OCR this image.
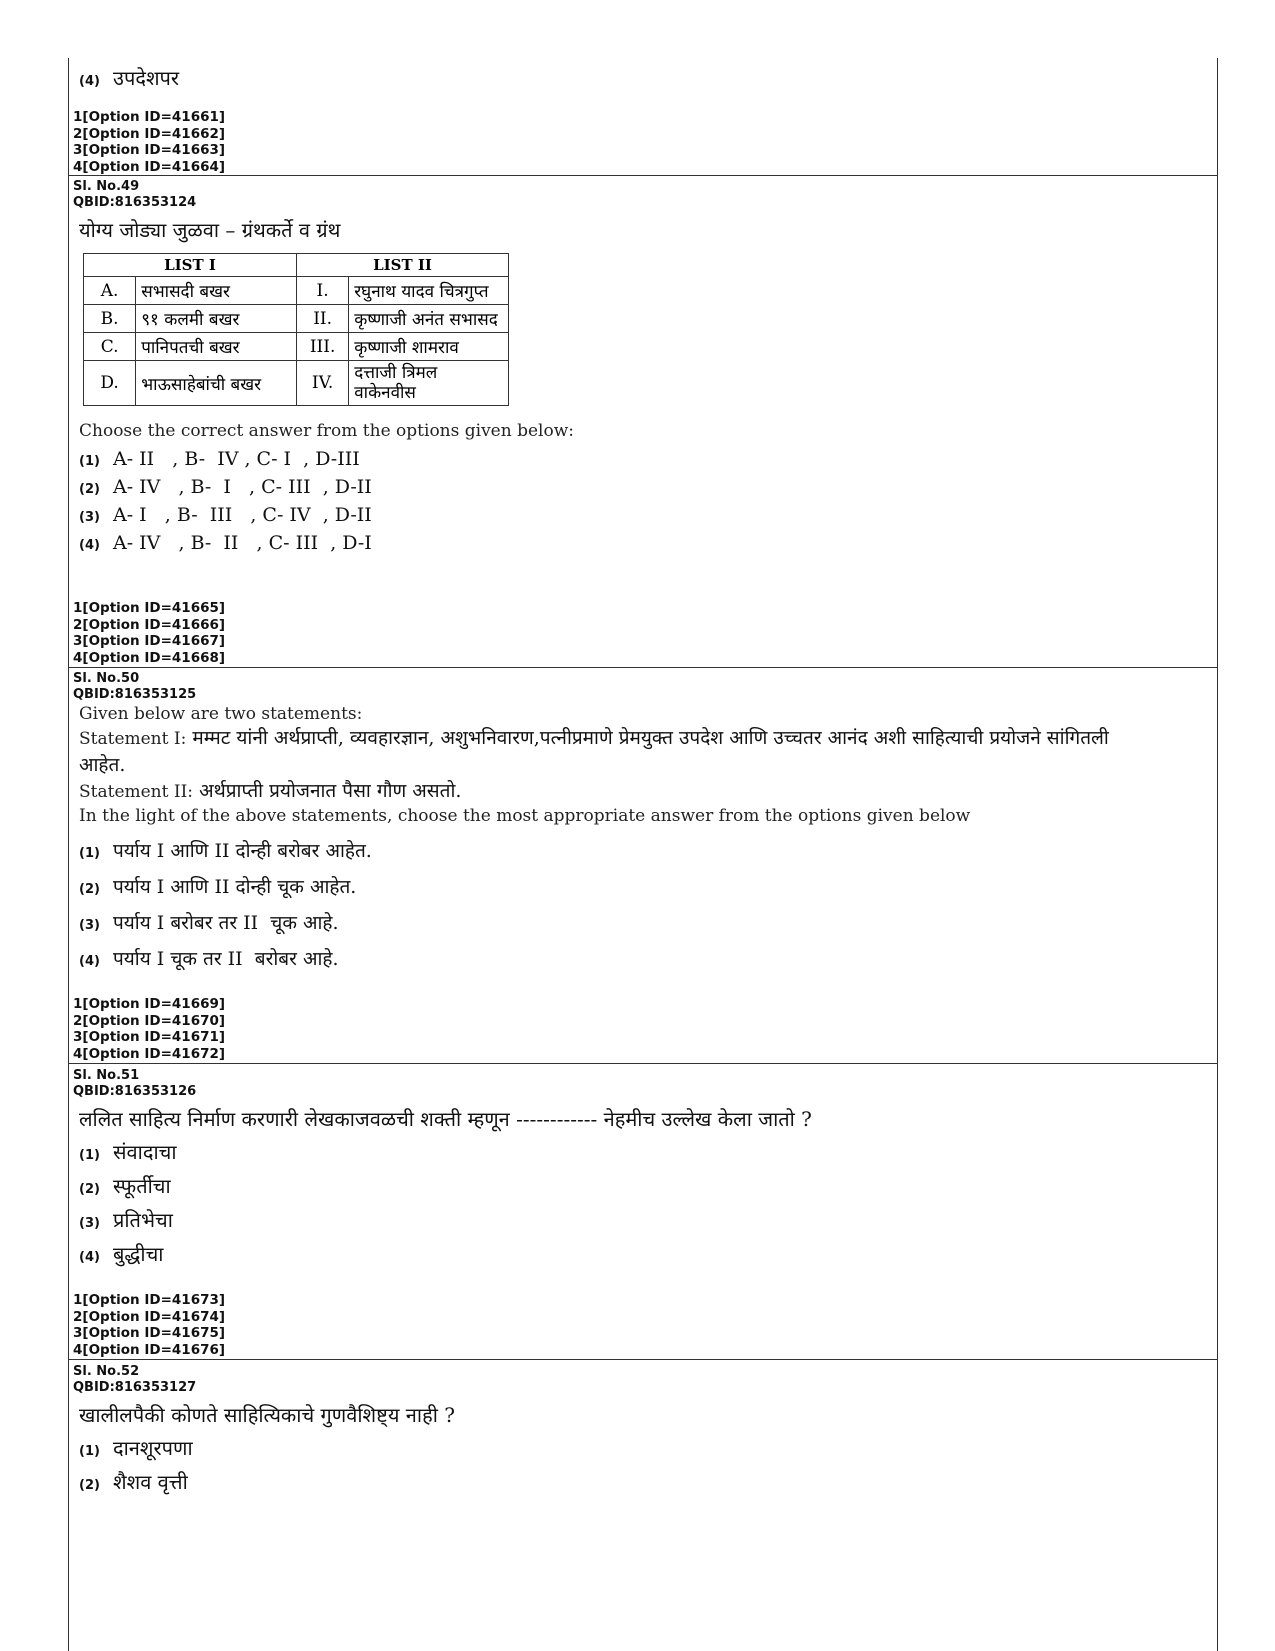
(4) उपदेशपर
1[Option ID=41661]
2[Option ID=41662]
3[Option ID=41663]
4[Option ID=41664]
Sl. No.49
QBID:816353124
योग्य जोड्या जुळवा – ग्रंथकर्ते व ग्रंथ
LIST I		LIST II	
A.	सभासदी बखर	I.	रघुनाथ यादव चित्रगुप्त
B.	९१ कलमी बखर	II.	कृष्णाजी अनंत सभासद
C.	पानिपतची बखर	III.	कृष्णाजी शामराव
D.	भाऊसाहेबांची बखर	IV.	दत्ताजी त्रिमल वाकेनवीस
Choose the correct answer from the options given below:
(1) A- II   , B-  IV , C- I  , D-III
(2) A- IV   , B-  I   , C- III  , D-II
(3) A- I   , B-  III   , C- IV  , D-II
(4) A- IV   , B-  II   , C- III  , D-I
1[Option ID=41665]
2[Option ID=41666]
3[Option ID=41667]
4[Option ID=41668]
Sl. No.50
QBID:816353125
Given below are two statements:
Statement I: मम्मट यांनी अर्थप्राप्ती, व्यवहारज्ञान, अशुभनिवारण,पत्नीप्रमाणे प्रेमयुक्त उपदेश आणि उच्चतर आनंद अशी साहित्याची प्रयोजने सांगितली आहेत.
Statement II: अर्थप्राप्ती प्रयोजनात पैसा गौण असतो.
In the light of the above statements, choose the most appropriate answer from the options given below
(1) पर्याय I आणि II दोन्ही बरोबर आहेत.
(2) पर्याय I आणि II दोन्ही चूक आहेत.
(3) पर्याय I बरोबर तर II  चूक आहे.
(4) पर्याय I चूक तर II  बरोबर आहे.
1[Option ID=41669]
2[Option ID=41670]
3[Option ID=41671]
4[Option ID=41672]
Sl. No.51
QBID:816353126
ललित साहित्य निर्माण करणारी लेखकाजवळची शक्ती म्हणून ------------ नेहमीच उल्लेख केला जातो ?
(1) संवादाचा
(2) स्फूर्तीचा
(3) प्रतिभेचा
(4) बुद्धीचा
1[Option ID=41673]
2[Option ID=41674]
3[Option ID=41675]
4[Option ID=41676]
Sl. No.52
QBID:816353127
खालीलपैकी कोणते साहित्यिकाचे गुणवैशिष्ट्य नाही ?
(1) दानशूरपणा
(2) शैशव वृत्ती
